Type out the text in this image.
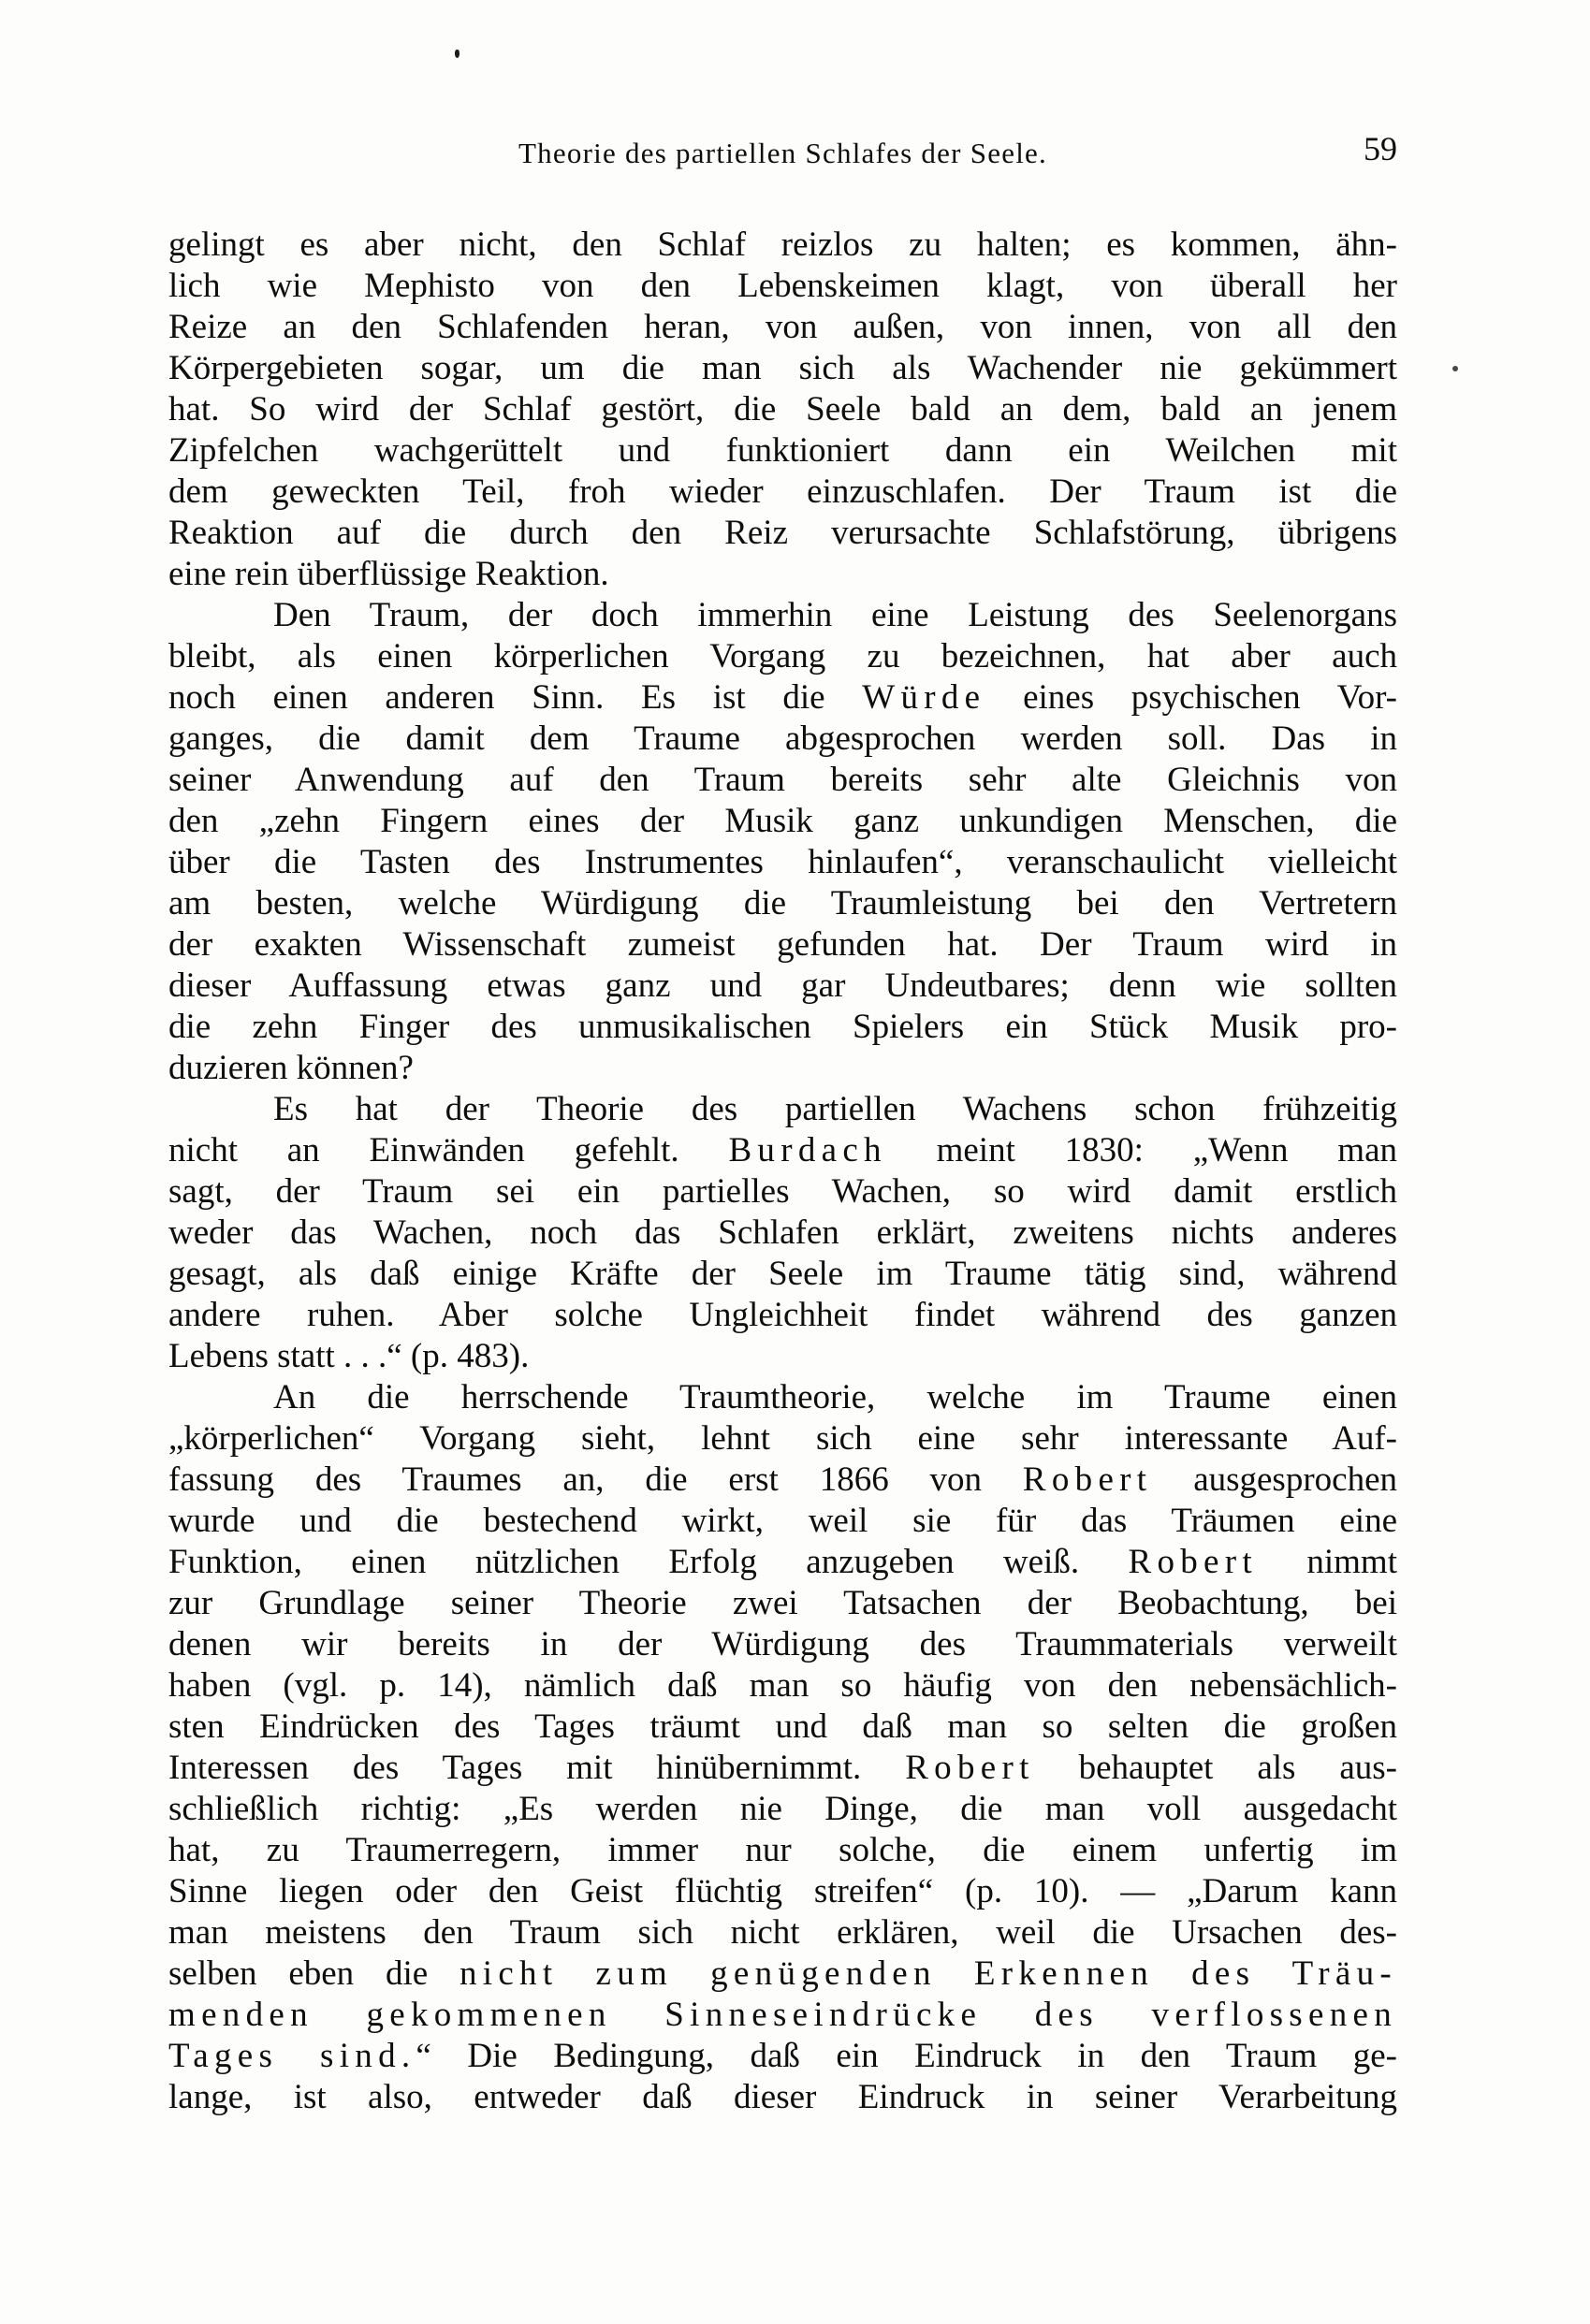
Theorie des partiellen Schlafes der Seele.	59
gelingt es aber nicht, den Schlaf reizlos zu halten; es kommen, ähn-
lich wie Mephisto von den Lebenskeimen klagt, von überall her
Reize an den Schlafenden heran, von außen, von innen, von all den
Körpergebieten sogar, um die man sich als Wachender nie gekümmert
hat. So wird der Schlaf gestört, die Seele bald an dem, bald an jenem
Zipfelchen wachgerüttelt und funktioniert dann ein Weilchen mit
dem geweckten Teil, froh wieder einzuschlafen. Der Traum ist die
Reaktion auf die durch den Reiz verursachte Schlafstörung, übrigens
eine rein überflüssige Reaktion.
Den Traum, der doch immerhin eine Leistung des Seelenorgans
bleibt, als einen körperlichen Vorgang zu bezeichnen, hat aber auch
noch einen anderen Sinn. Es ist die Würde eines psychischen Vor-
ganges, die damit dem Traume abgesprochen werden soll. Das in
seiner Anwendung auf den Traum bereits sehr alte Gleichnis von
den „zehn Fingern eines der Musik ganz unkundigen Menschen, die
über die Tasten des Instrumentes hinlaufen“, veranschaulicht vielleicht
am besten, welche Würdigung die Traumleistung bei den Vertretern
der exakten Wissenschaft zumeist gefunden hat. Der Traum wird in
dieser Auffassung etwas ganz und gar Undeutbares; denn wie sollten
die zehn Finger des unmusikalischen Spielers ein Stück Musik pro-
duzieren können?
Es hat der Theorie des partiellen Wachens schon frühzeitig
nicht an Einwänden gefehlt. Burdach meint 1830: „Wenn man
sagt, der Traum sei ein partielles Wachen, so wird damit erstlich
weder das Wachen, noch das Schlafen erklärt, zweitens nichts anderes
gesagt, als daß einige Kräfte der Seele im Traume tätig sind, während
andere ruhen. Aber solche Ungleichheit findet während des ganzen
Lebens statt . . .“ (p. 483).
An die herrschende Traumtheorie, welche im Traume einen
„körperlichen“ Vorgang sieht, lehnt sich eine sehr interessante Auf-
fassung des Traumes an, die erst 1866 von Robert ausgesprochen
wurde und die bestechend wirkt, weil sie für das Träumen eine
Funktion, einen nützlichen Erfolg anzugeben weiß. Robert nimmt
zur Grundlage seiner Theorie zwei Tatsachen der Beobachtung, bei
denen wir bereits in der Würdigung des Traummaterials verweilt
haben (vgl. p. 14), nämlich daß man so häufig von den nebensächlich-
sten Eindrücken des Tages träumt und daß man so selten die großen
Interessen des Tages mit hinübernimmt. Robert behauptet als aus-
schließlich richtig: „Es werden nie Dinge, die man voll ausgedacht
hat, zu Traumerregern, immer nur solche, die einem unfertig im
Sinne liegen oder den Geist flüchtig streifen“ (p. 10). — „Darum kann
man meistens den Traum sich nicht erklären, weil die Ursachen des-
selben eben die nicht zum genügenden Erkennen des Träu-
menden gekommenen Sinneseindrücke des verflossenen
Tages sind.“ Die Bedingung, daß ein Eindruck in den Traum ge-
lange, ist also, entweder daß dieser Eindruck in seiner Verarbeitung
